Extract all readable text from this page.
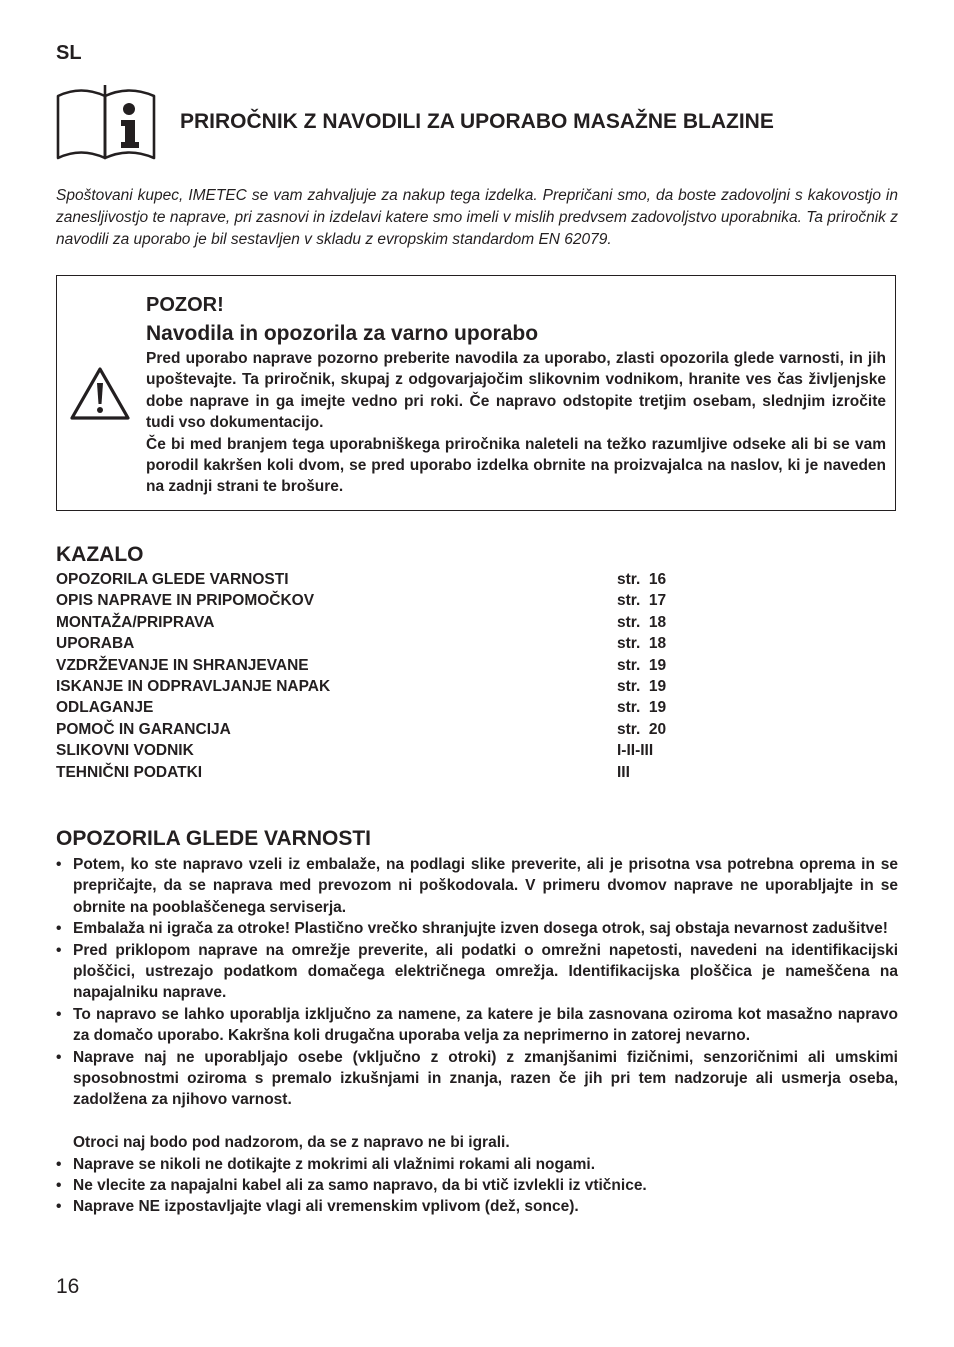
SL
PRIROČNIK Z NAVODILI ZA UPORABO MASAŽNE BLAZINE
Spoštovani kupec, IMETEC se vam zahvaljuje za nakup tega izdelka. Prepričani smo, da boste zadovoljni s kakovostjo in zanesljivostjo te naprave, pri zasnovi in izdelavi katere smo imeli v mislih predvsem zadovoljstvo uporabnika. Ta priročnik z navodili za uporabo je bil sestavljen v skladu z evropskim standardom EN 62079.
POZOR!
Navodila in opozorila za varno uporabo

Pred uporabo naprave pozorno preberite navodila za uporabo, zlasti opozorila glede varnosti, in jih upoštevajte. Ta priročnik, skupaj z odgovarjajočim slikovnim vodnikom, hranite ves čas življenjske dobe naprave in ga imejte vedno pri roki. Če napravo odstopite tretjim osebam, slednjim izročite tudi vso dokumentacijo.

Če bi med branjem tega uporabniškega priročnika naleteli na težko razumljive odseke ali bi se vam porodil kakršen koli dvom, se pred uporabo izdelka obrnite na proizvajalca na naslov, ki je naveden na zadnji strani te brošure.

KAZALO
OPOZORILA GLEDE VARNOSTI	str.  16
OPIS NAPRAVE IN PRIPOMOČKOV	str.  17
MONTAŽA/PRIPRAVA	str.  18
UPORABA	str.  18
VZDRŽEVANJE IN SHRANJEVANE	str.  19
ISKANJE IN ODPRAVLJANJE NAPAK	str.  19
ODLAGANJE	str.  19
POMOČ IN GARANCIJA	str.  20
SLIKOVNI VODNIK	I-II-III
TEHNIČNI PODATKI	III
OPOZORILA GLEDE VARNOSTI
• Potem, ko ste napravo vzeli iz embalaže, na podlagi slike preverite, ali je prisotna vsa potrebna oprema in se prepričajte, da se naprava med prevozom ni poškodovala. V primeru dvomov naprave ne uporabljajte in se obrnite na pooblaščenega serviserja.
• Embalaža ni igrača za otroke! Plastično vrečko shranjujte izven dosega otrok, saj obstaja nevarnost zadušitve!
• Pred priklopom naprave na omrežje preverite, ali podatki o omrežni napetosti, navedeni na identifikacijski ploščici, ustrezajo podatkom domačega električnega omrežja. Identifikacijska ploščica je nameščena na napajalniku naprave.
• To napravo se lahko uporablja izključno za namene, za katere je bila zasnovana oziroma kot masažno napravo za domačo uporabo. Kakršna koli drugačna uporaba velja za neprimerno in zatorej nevarno.
• Naprave naj ne uporabljajo osebe (vključno z otroki) z zmanjšanimi fizičnimi, senzoričnimi ali umskimi sposobnostmi oziroma s premalo izkušnjami in znanja, razen če jih pri tem nadzoruje ali usmerja oseba, zadolžena za njihovo varnost.
Otroci naj bodo pod nadzorom, da se z napravo ne bi igrali.
• Naprave se nikoli ne dotikajte z mokrimi ali vlažnimi rokami ali nogami.
• Ne vlecite za napajalni kabel ali za samo napravo, da bi vtič izvlekli iz vtičnice.
• Naprave NE izpostavljajte vlagi ali vremenskim vplivom (dež, sonce).
16
